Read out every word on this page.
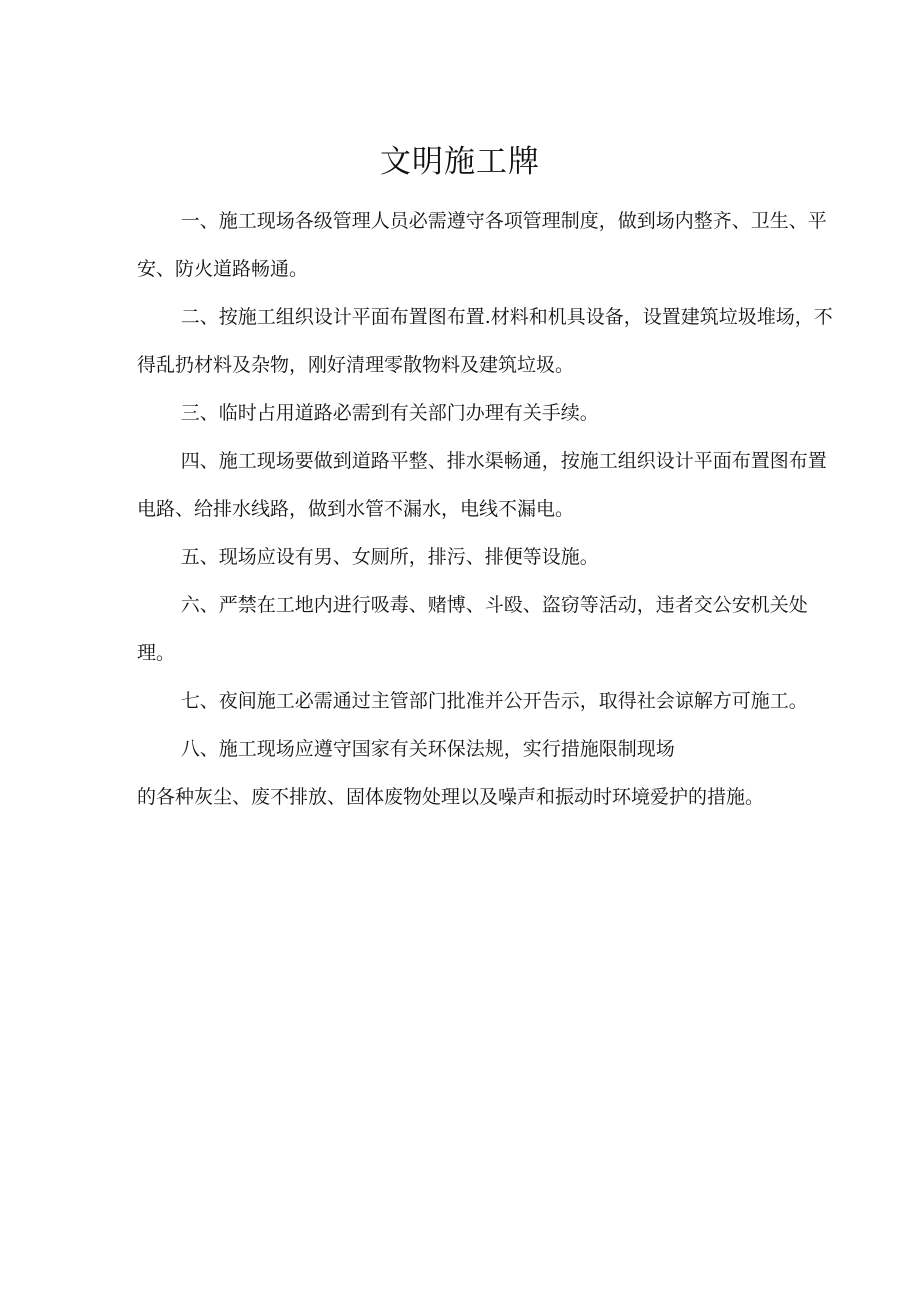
文明施工牌

一、施工现场各级管理人员必需遵守各项管理制度，做到场内整齐、卫生、平安、防火道路畅通。

二、按施工组织设计平面布置图布置.材料和机具设备，设置建筑垃圾堆场，不得乱扔材料及杂物，刚好清理零散物料及建筑垃圾。

三、临时占用道路必需到有关部门办理有关手续。

四、施工现场要做到道路平整、排水渠畅通，按施工组织设计平面布置图布置电路、给排水线路，做到水管不漏水，电线不漏电。

五、现场应设有男、女厕所，排污、排便等设施。

六、严禁在工地内进行吸毒、赌博、斗殴、盗窃等活动，违者交公安机关处理。

七、夜间施工必需通过主管部门批准并公开告示，取得社会谅解方可施工。

八、施工现场应遵守国家有关环保法规，实行措施限制现场

的各种灰尘、废不排放、固体废物处理以及噪声和振动时环境爱护的措施。
